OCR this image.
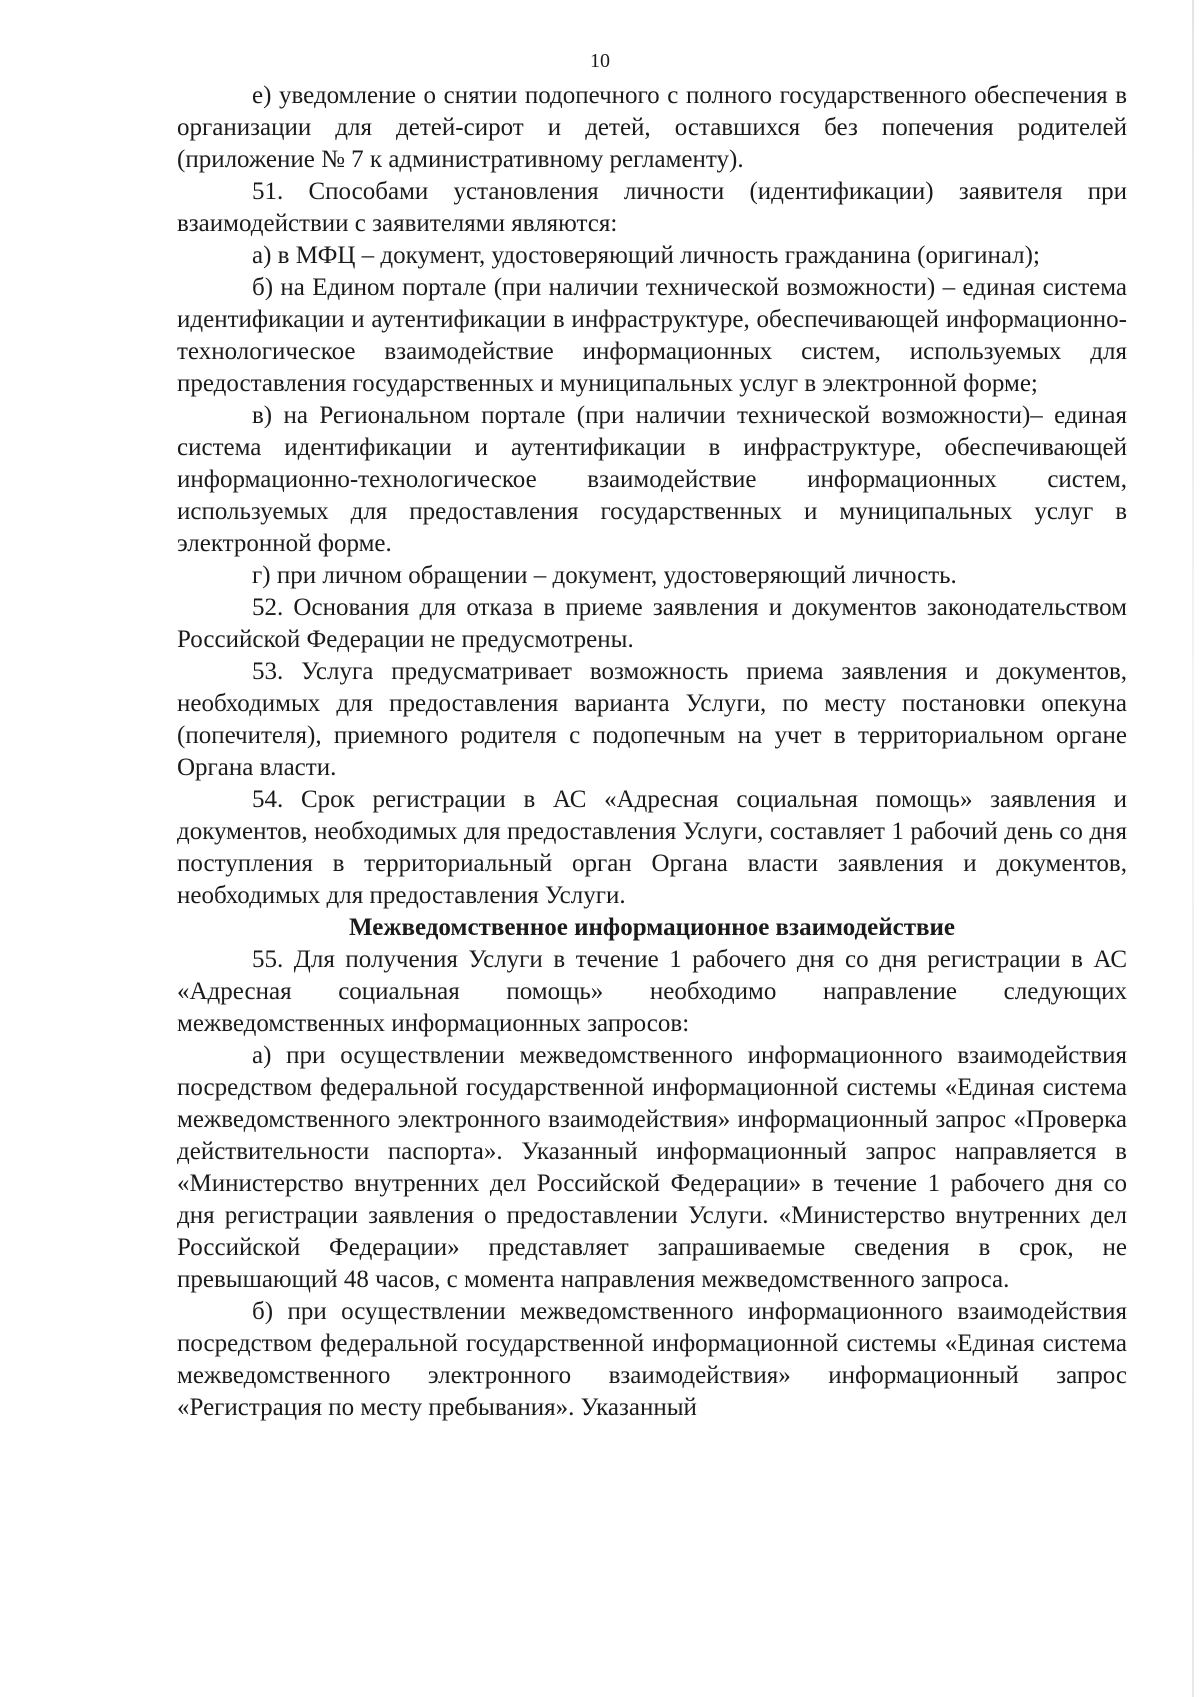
10

е) уведомление о снятии подопечного с полного государственного обеспечения в организации для детей-сирот и детей, оставшихся без попечения родителей (приложение № 7 к административному регламенту).

51. Способами установления личности (идентификации) заявителя при взаимодействии с заявителями являются:

а) в МФЦ – документ, удостоверяющий личность гражданина (оригинал);

б) на Едином портале (при наличии технической возможности) – единая система идентификации и аутентификации в инфраструктуре, обеспечивающей информационно-технологическое взаимодействие информационных систем, используемых для предоставления государственных и муниципальных услуг в электронной форме;

в) на Региональном портале (при наличии технической возможности)– единая система идентификации и аутентификации в инфраструктуре, обеспечивающей информационно-технологическое взаимодействие информационных систем, используемых для предоставления государственных и муниципальных услуг в электронной форме.

г) при личном обращении – документ, удостоверяющий личность.

52. Основания для отказа в приеме заявления и документов законодательством Российской Федерации не предусмотрены.

53. Услуга предусматривает возможность приема заявления и документов, необходимых для предоставления варианта Услуги, по месту постановки опекуна (попечителя), приемного родителя с подопечным на учет в территориальном органе Органа власти.

54. Срок регистрации в АС «Адресная социальная помощь» заявления и документов, необходимых для предоставления Услуги, составляет 1 рабочий день со дня поступления в территориальный орган Органа власти заявления и документов, необходимых для предоставления Услуги.

Межведомственное информационное взаимодействие

55. Для получения Услуги в течение 1 рабочего дня со дня регистрации в АС «Адресная социальная помощь» необходимо направление следующих межведомственных информационных запросов:

а) при осуществлении межведомственного информационного взаимодействия посредством федеральной государственной информационной системы «Единая система межведомственного электронного взаимодействия» информационный запрос «Проверка действительности паспорта». Указанный информационный запрос направляется в «Министерство внутренних дел Российской Федерации» в течение 1 рабочего дня со дня регистрации заявления о предоставлении Услуги. «Министерство внутренних дел Российской Федерации» представляет запрашиваемые сведения в срок, не превышающий 48 часов, с момента направления межведомственного запроса.

б) при осуществлении межведомственного информационного взаимодействия посредством федеральной государственной информационной системы «Единая система межведомственного электронного взаимодействия» информационный запрос «Регистрация по месту пребывания». Указанный
